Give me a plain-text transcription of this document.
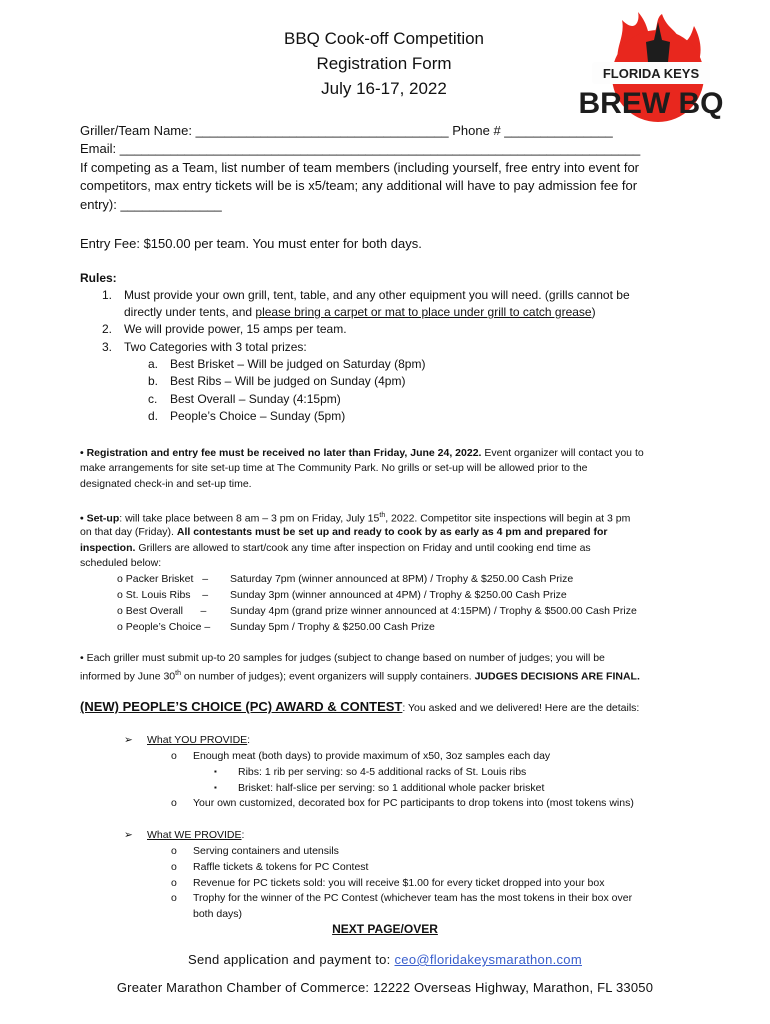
BBQ Cook-off Competition
Registration Form
July 16-17, 2022
FLORIDA KEYS
BREW BQ
Griller/Team Name: ___________________________________ Phone # _______________
Email: ________________________________________________________________________
If competing as a Team, list number of team members (including yourself, free entry into event for
competitors, max entry tickets will be is x5/team; any additional will have to pay admission fee for
entry): ______________
Entry Fee: $150.00 per team. You must enter for both days.
Rules:
1. Must provide your own grill, tent, table, and any other equipment you will need. (grills cannot be
directly under tents, and please bring a carpet or mat to place under grill to catch grease)
2. We will provide power, 15 amps per team.
3. Two Categories with 3 total prizes:
a. Best Brisket – Will be judged on Saturday (8pm)
b. Best Ribs – Will be judged on Sunday (4pm)
c. Best Overall – Sunday (4:15pm)
d. People’s Choice – Sunday (5pm)
• Registration and entry fee must be received no later than Friday, June 24, 2022. Event organizer will contact you to
make arrangements for site set-up time at The Community Park. No grills or set-up will be allowed prior to the
designated check-in and set-up time.
• Set-up: will take place between 8 am – 3 pm on Friday, July 15th, 2022. Competitor site inspections will begin at 3 pm
on that day (Friday). All contestants must be set up and ready to cook by as early as 4 pm and prepared for
inspection. Grillers are allowed to start/cook any time after inspection on Friday and until cooking end time as
scheduled below:
o Packer Brisket   – Saturday 7pm (winner announced at 8PM) / Trophy & $250.00 Cash Prize
o St. Louis Ribs    – Sunday 3pm (winner announced at 4PM) / Trophy & $250.00 Cash Prize
o Best Overall      – Sunday 4pm (grand prize winner announced at 4:15PM) / Trophy & $500.00 Cash Prize
o People’s Choice – Sunday 5pm / Trophy & $250.00 Cash Prize
• Each griller must submit up-to 20 samples for judges (subject to change based on number of judges; you will be
informed by June 30th on number of judges); event organizers will supply containers. JUDGES DECISIONS ARE FINAL.
(NEW) PEOPLE’S CHOICE (PC) AWARD & CONTEST: You asked and we delivered! Here are the details:
➢ What YOU PROVIDE:
o Enough meat (both days) to provide maximum of x50, 3oz samples each day
▪ Ribs: 1 rib per serving: so 4-5 additional racks of St. Louis ribs
▪ Brisket: half-slice per serving: so 1 additional whole packer brisket
o Your own customized, decorated box for PC participants to drop tokens into (most tokens wins)
➢ What WE PROVIDE:
o Serving containers and utensils
o Raffle tickets & tokens for PC Contest
o Revenue for PC tickets sold: you will receive $1.00 for every ticket dropped into your box
o Trophy for the winner of the PC Contest (whichever team has the most tokens in their box over
both days)
NEXT PAGE/OVER
Send application and payment to: ceo@floridakeysmarathon.com
Greater Marathon Chamber of Commerce: 12222 Overseas Highway, Marathon, FL 33050
